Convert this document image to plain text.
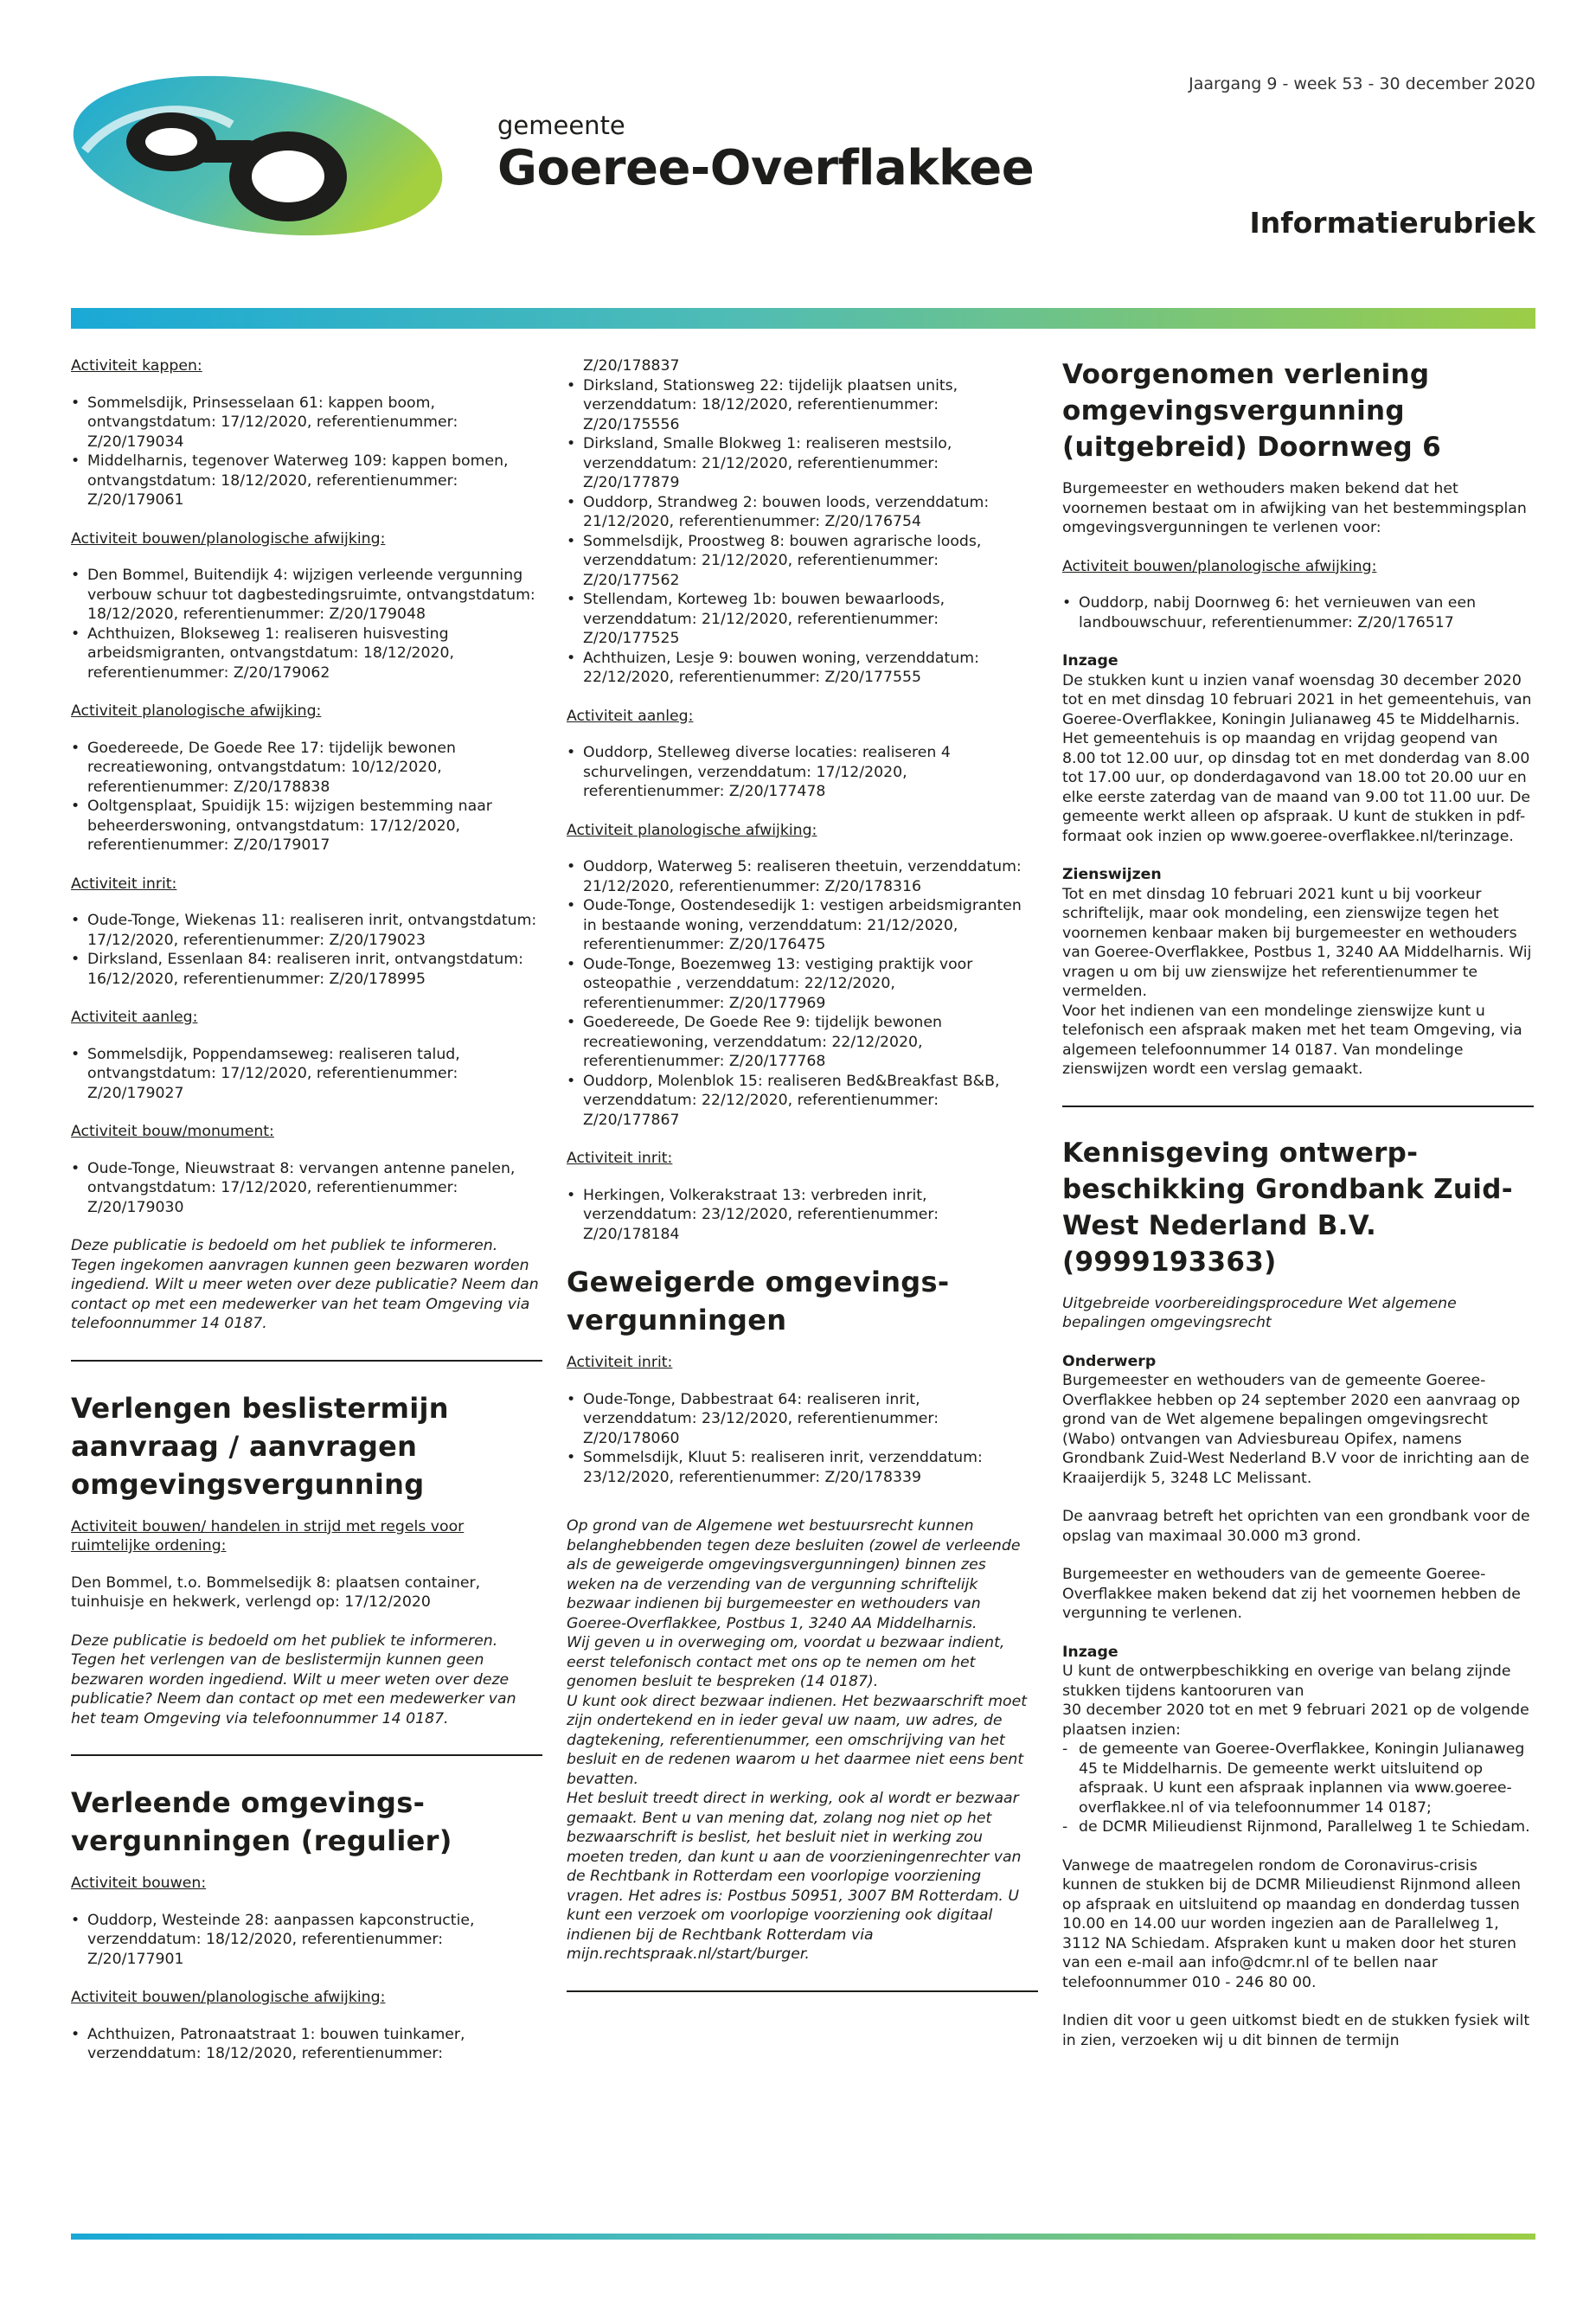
gemeente
Goeree-Overflakkee
Jaargang 9 - week 53 - 30 december 2020
Informatierubriek
Activiteit kappen:
• Sommelsdijk, Prinsesselaan 61: kappen boom, ontvangstdatum: 17/12/2020, referentienummer: Z/20/179034
• Middelharnis, tegenover Waterweg 109: kappen bomen, ontvangstdatum: 18/12/2020, referentienummer: Z/20/179061
Activiteit bouwen/planologische afwijking:
• Den Bommel, Buitendijk 4: wijzigen verleende vergunning verbouw schuur tot dagbestedingsruimte, ontvangstdatum: 18/12/2020, referentienummer: Z/20/179048
• Achthuizen, Blokseweg 1: realiseren huisvesting arbeidsmigranten, ontvangstdatum: 18/12/2020, referentienummer: Z/20/179062
Activiteit planologische afwijking:
• Goedereede, De Goede Ree 17: tijdelijk bewonen recreatiewoning, ontvangstdatum: 10/12/2020, referentienummer: Z/20/178838
• Ooltgensplaat, Spuidijk 15: wijzigen bestemming naar beheerderswoning, ontvangstdatum: 17/12/2020, referentienummer: Z/20/179017
Activiteit inrit:
• Oude-Tonge, Wiekenas 11: realiseren inrit, ontvangstdatum: 17/12/2020, referentienummer: Z/20/179023
• Dirksland, Essenlaan 84: realiseren inrit, ontvangstdatum: 16/12/2020, referentienummer: Z/20/178995
Activiteit aanleg:
• Sommelsdijk, Poppendamseweg: realiseren talud, ontvangstdatum: 17/12/2020, referentienummer: Z/20/179027
Activiteit bouw/monument:
• Oude-Tonge, Nieuwstraat 8: vervangen antenne panelen, ontvangstdatum: 17/12/2020, referentienummer: Z/20/179030

Deze publicatie is bedoeld om het publiek te informeren. Tegen ingekomen aanvragen kunnen geen bezwaren worden ingediend. Wilt u meer weten over deze publicatie? Neem dan contact op met een medewerker van het team Omgeving via telefoonnummer 14 0187.

Verlengen beslistermijn aanvraag / aanvragen omgevingsvergunning
Activiteit bouwen/ handelen in strijd met regels voor ruimtelijke ordening:

Den Bommel, t.o. Bommelsedijk 8: plaatsen container, tuinhuisje en hekwerk, verlengd op: 17/12/2020

Deze publicatie is bedoeld om het publiek te informeren. Tegen het verlengen van de beslistermijn kunnen geen bezwaren worden ingediend. Wilt u meer weten over deze publicatie? Neem dan contact op met een medewerker van het team Omgeving via telefoonnummer 14 0187.

Verleende omgevings-vergunningen (regulier)
Activiteit bouwen:
• Ouddorp, Westeinde 28: aanpassen kapconstructie, verzenddatum: 18/12/2020, referentienummer: Z/20/177901
Activiteit bouwen/planologische afwijking:
• Achthuizen, Patronaatstraat 1: bouwen tuinkamer, verzenddatum: 18/12/2020, referentienummer:
Z/20/178837
• Dirksland, Stationsweg 22: tijdelijk plaatsen units, verzenddatum: 18/12/2020, referentienummer: Z/20/175556
• Dirksland, Smalle Blokweg 1: realiseren mestsilo, verzenddatum: 21/12/2020, referentienummer: Z/20/177879
• Ouddorp, Strandweg 2: bouwen loods, verzenddatum: 21/12/2020, referentienummer: Z/20/176754
• Sommelsdijk, Proostweg 8: bouwen agrarische loods, verzenddatum: 21/12/2020, referentienummer: Z/20/177562
• Stellendam, Korteweg 1b: bouwen bewaarloods, verzenddatum: 21/12/2020, referentienummer: Z/20/177525
• Achthuizen, Lesje 9: bouwen woning, verzenddatum: 22/12/2020, referentienummer: Z/20/177555
Activiteit aanleg:
• Ouddorp, Stelleweg diverse locaties: realiseren 4 schurvelingen, verzenddatum: 17/12/2020, referentienummer: Z/20/177478
Activiteit planologische afwijking:
• Ouddorp, Waterweg 5: realiseren theetuin, verzenddatum: 21/12/2020, referentienummer: Z/20/178316
• Oude-Tonge, Oostendesedijk 1: vestigen arbeidsmigranten in bestaande woning, verzenddatum: 21/12/2020, referentienummer: Z/20/176475
• Oude-Tonge, Boezemweg 13: vestiging praktijk voor osteopathie , verzenddatum: 22/12/2020, referentienummer: Z/20/177969
• Goedereede, De Goede Ree 9: tijdelijk bewonen recreatiewoning, verzenddatum: 22/12/2020, referentienummer: Z/20/177768
• Ouddorp, Molenblok 15: realiseren Bed&Breakfast B&B, verzenddatum: 22/12/2020, referentienummer: Z/20/177867
Activiteit inrit:
• Herkingen, Volkerakstraat 13: verbreden inrit, verzenddatum: 23/12/2020, referentienummer: Z/20/178184
Geweigerde omgevings-vergunningen
Activiteit inrit:
• Oude-Tonge, Dabbestraat 64: realiseren inrit, verzenddatum: 23/12/2020, referentienummer: Z/20/178060
• Sommelsdijk, Kluut 5: realiseren inrit, verzenddatum: 23/12/2020, referentienummer: Z/20/178339

Op grond van de Algemene wet bestuursrecht kunnen belanghebbenden tegen deze besluiten (zowel de verleende als de geweigerde omgevingsvergunningen) binnen zes weken na de verzending van de vergunning schriftelijk bezwaar indienen bij burgemeester en wethouders van Goeree-Overflakkee, Postbus 1, 3240 AA Middelharnis.
Wij geven u in overweging om, voordat u bezwaar indient, eerst telefonisch contact met ons op te nemen om het genomen besluit te bespreken (14 0187).
U kunt ook direct bezwaar indienen. Het bezwaarschrift moet zijn ondertekend en in ieder geval uw naam, uw adres, de dagtekening, referentienummer, een omschrijving van het besluit en de redenen waarom u het daarmee niet eens bent bevatten.
Het besluit treedt direct in werking, ook al wordt er bezwaar gemaakt. Bent u van mening dat, zolang nog niet op het bezwaarschrift is beslist, het besluit niet in werking zou moeten treden, dan kunt u aan de voorzieningenrechter van de Rechtbank in Rotterdam een voorlopige voorziening vragen. Het adres is: Postbus 50951, 3007 BM Rotterdam. U kunt een verzoek om voorlopige voorziening ook digitaal indienen bij de Rechtbank Rotterdam via mijn.rechtspraak.nl/start/burger.

Voorgenomen verlening omgevingsvergunning (uitgebreid) Doornweg 6

Burgemeester en wethouders maken bekend dat het voornemen bestaat om in afwijking van het bestemmingsplan omgevingsvergunningen te verlenen voor:

Activiteit bouwen/planologische afwijking:
• Ouddorp, nabij Doornweg 6: het vernieuwen van een landbouwschuur, referentienummer: Z/20/176517
Inzage

De stukken kunt u inzien vanaf woensdag 30 december 2020 tot en met dinsdag 10 februari 2021 in het gemeentehuis, van Goeree-Overflakkee, Koningin Julianaweg 45 te Middelharnis. Het gemeentehuis is op maandag en vrijdag geopend van 8.00 tot 12.00 uur, op dinsdag tot en met donderdag van 8.00 tot 17.00 uur, op donderdagavond van 18.00 tot 20.00 uur en elke eerste zaterdag van de maand van 9.00 tot 11.00 uur. De gemeente werkt alleen op afspraak. U kunt de stukken in pdf-formaat ook inzien op www.goeree-overflakkee.nl/terinzage.

Zienswijzen

Tot en met dinsdag 10 februari 2021 kunt u bij voorkeur schriftelijk, maar ook mondeling, een zienswijze tegen het voornemen kenbaar maken bij burgemeester en wethouders van Goeree-Overflakkee, Postbus 1, 3240 AA Middelharnis. Wij vragen u om bij uw zienswijze het referentienummer te vermelden.
Voor het indienen van een mondelinge zienswijze kunt u telefonisch een afspraak maken met het team Omgeving, via algemeen telefoonnummer 14 0187. Van mondelinge zienswijzen wordt een verslag gemaakt.

Kennisgeving ontwerp-beschikking Grondbank Zuid-West Nederland B.V. (9999193363)

Uitgebreide voorbereidingsprocedure Wet algemene bepalingen omgevingsrecht

Onderwerp

Burgemeester en wethouders van de gemeente Goeree-Overflakkee hebben op 24 september 2020 een aanvraag op grond van de Wet algemene bepalingen omgevingsrecht (Wabo) ontvangen van Adviesbureau Opifex, namens
Grondbank Zuid-West Nederland B.V voor de inrichting aan de Kraaijerdijk 5, 3248 LC Melissant.

De aanvraag betreft het oprichten van een grondbank voor de opslag van maximaal 30.000 m3 grond.

Burgemeester en wethouders van de gemeente Goeree-Overflakkee maken bekend dat zij het voornemen hebben de vergunning te verlenen.

Inzage
U kunt de ontwerpbeschikking en overige van belang zijnde stukken tijdens kantooruren van
30 december 2020 tot en met 9 februari 2021 op de volgende plaatsen inzien:
- de gemeente van Goeree-Overflakkee, Koningin Julianaweg 45 te Middelharnis. De gemeente werkt uitsluitend op afspraak. U kunt een afspraak inplannen via www.goeree-overflakkee.nl of via telefoonnummer 14 0187;
- de DCMR Milieudienst Rijnmond, Parallelweg 1 te Schiedam.

Vanwege de maatregelen rondom de Coronavirus-crisis kunnen de stukken bij de DCMR Milieudienst Rijnmond alleen op afspraak en uitsluitend op maandag en donderdag tussen 10.00 en 14.00 uur worden ingezien aan de Parallelweg 1, 3112 NA Schiedam. Afspraken kunt u maken door het sturen van een e-mail aan info@dcmr.nl of te bellen naar telefoonnummer 010 - 246 80 00.

Indien dit voor u geen uitkomst biedt en de stukken fysiek wilt in zien, verzoeken wij u dit binnen de termijn
